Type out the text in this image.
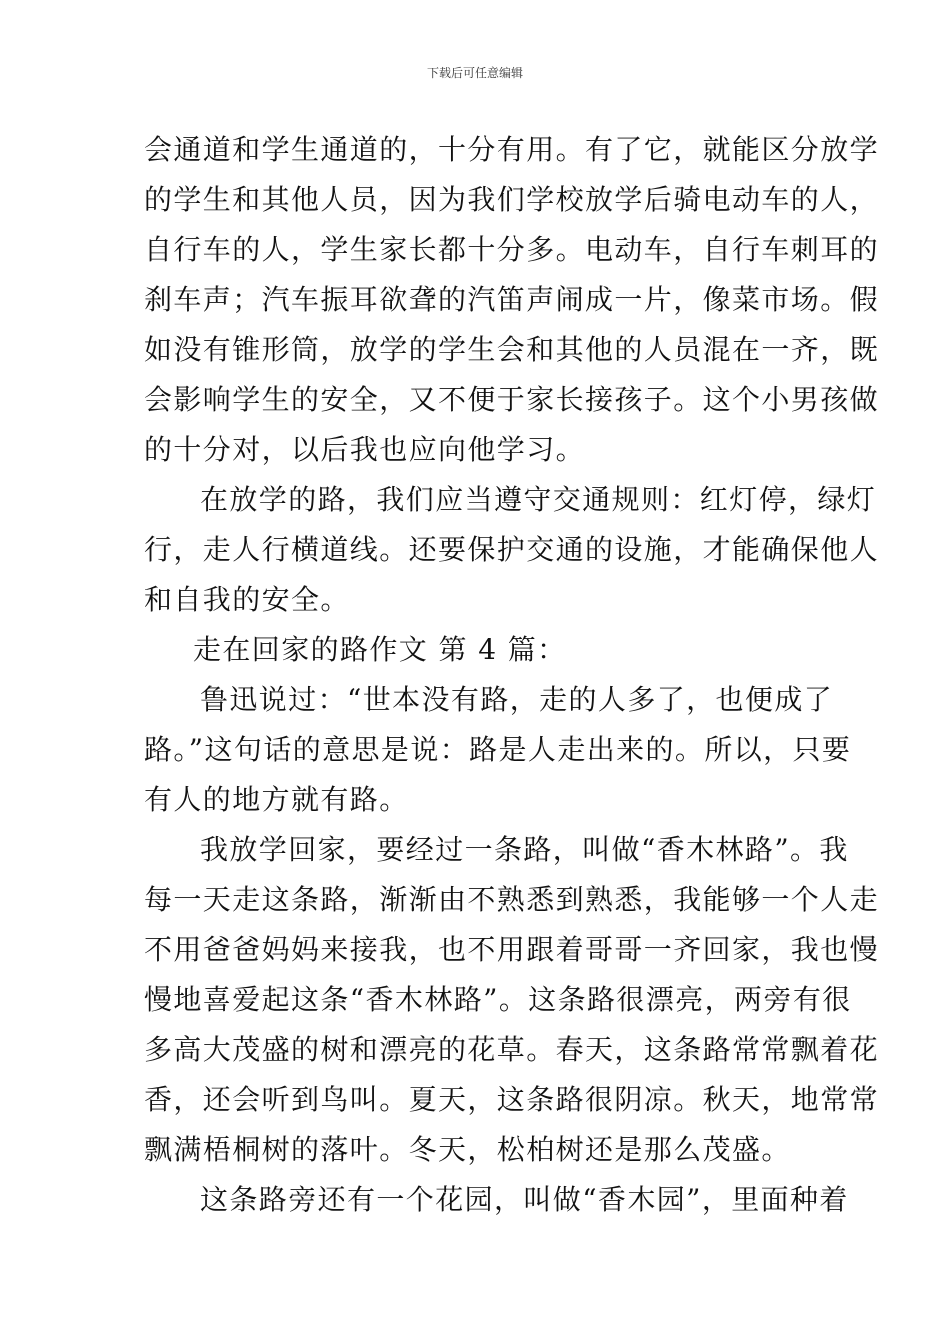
下载后可任意编辑
会通道和学生通道的，十分有用。有了它，就能区分放学
的学生和其他人员，因为我们学校放学后骑电动车的人，
自行车的人，学生家长都十分多。电动车，自行车刺耳的
刹车声；汽车振耳欲聋的汽笛声闹成一片，像菜市场。假
如没有锥形筒，放学的学生会和其他的人员混在一齐，既
会影响学生的安全，又不便于家长接孩子。这个小男孩做
的十分对，以后我也应向他学习。
在放学的路，我们应当遵守交通规则：红灯停，绿灯
行，走人行横道线。还要保护交通的设施，才能确保他人
和自我的安全。
走在回家的路作文 第 4 篇：
鲁迅说过：“世本没有路，走的人多了，也便成了
路。”这句话的意思是说：路是人走出来的。所以，只要
有人的地方就有路。
我放学回家，要经过一条路，叫做“香木林路”。我
每一天走这条路，渐渐由不熟悉到熟悉，我能够一个人走
不用爸爸妈妈来接我，也不用跟着哥哥一齐回家，我也慢
慢地喜爱起这条“香木林路”。这条路很漂亮，两旁有很
多高大茂盛的树和漂亮的花草。春天，这条路常常飘着花
香，还会听到鸟叫。夏天，这条路很阴凉。秋天，地常常
飘满梧桐树的落叶。冬天，松柏树还是那么茂盛。
这条路旁还有一个花园，叫做“香木园”，里面种着
